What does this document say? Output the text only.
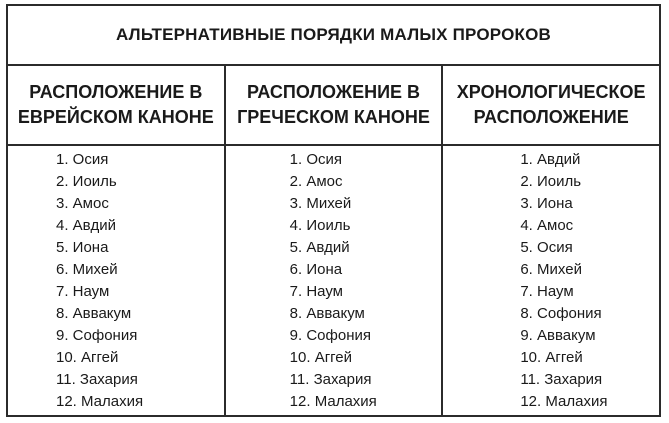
АЛЬТЕРНАТИВНЫЕ ПОРЯДКИ МАЛЫХ ПРОРОКОВ
РАСПОЛОЖЕНИЕ В
ЕВРЕЙСКОМ КАНОНЕ
РАСПОЛОЖЕНИЕ В
ГРЕЧЕСКОМ КАНОНЕ
ХРОНОЛОГИЧЕСКОЕ
РАСПОЛОЖЕНИЕ
1. Осия
2. Иоиль
3. Амос
4. Авдий
5. Иона
6. Михей
7. Наум
8. Аввакум
9. Софония
10. Аггей
11. Захария
12. Малахия
1. Осия
2. Амос
3. Михей
4. Иоиль
5. Авдий
6. Иона
7. Наум
8. Аввакум
9. Софония
10. Аггей
11. Захария
12. Малахия
1. Авдий
2. Иоиль
3. Иона
4. Амос
5. Осия
6. Михей
7. Наум
8. Софония
9. Аввакум
10. Аггей
11. Захария
12. Малахия
